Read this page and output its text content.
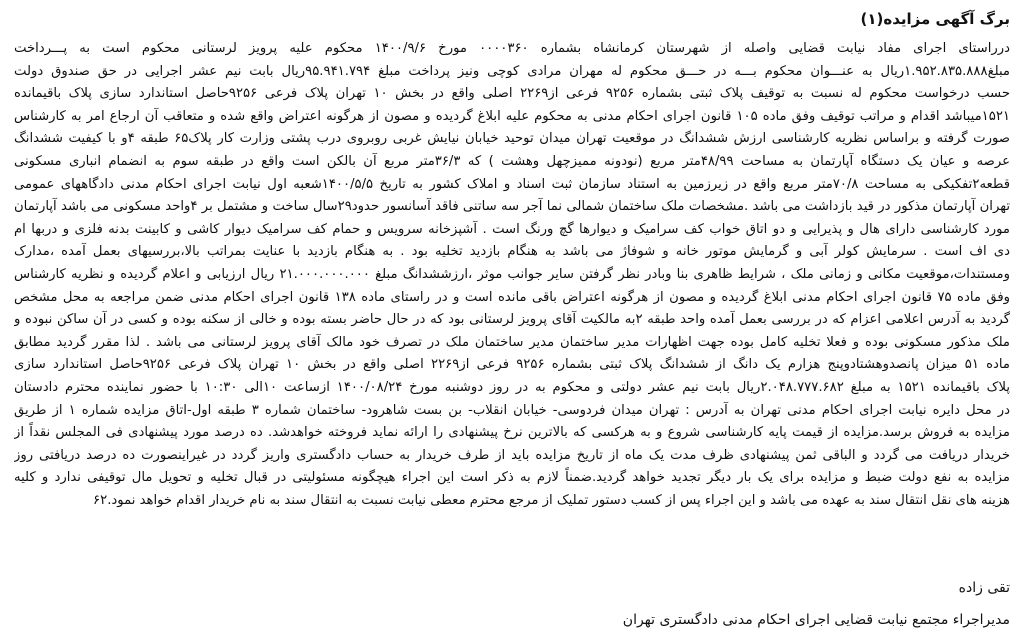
برگ آگهی مزایده(۱)
درراستای اجرای مفاد نیابت قضایی واصله از شهرستان کرمانشاه بشماره ۰۰۰۰۳۶۰ مورخ ۱۴۰۰/۹/۶ محکوم علیه پرویز لرستانی محکوم است به پـــرداخت
مبلغ۱.۹۵۲.۸۳۵.۸۸۸ریال به عنـــوان محکوم بـــه در حـــق محکوم له مهران مرادی کوچی ونیز پرداخت مبلغ ۹۵.۹۴۱.۷۹۴ریال بابت نیم عشر اجرایی در حق صندوق دولت
حسب درخواست محکوم له نسبت به توقیف پلاک ثبتی بشماره ۹۲۵۶ فرعی از۲۲۶۹ اصلی واقع در بخش ۱۰ تهران پلاک فرعی ۹۲۵۶حاصل استاندارد سازی پلاک باقیمانده
۱۵۲۱میباشد اقدام و مراتب توقیف وفق ماده ۱۰۵ قانون اجرای احکام مدنی به محکوم علیه ابلاغ گردیده و مصون از هرگونه اعتراض واقع شده و متعاقب آن ارجاع امر به کارشناس
صورت گرفته و براساس نظریه کارشناسی ارزش ششدانگ در موقعیت تهران میدان توحید خیابان نیایش غربی روبروی درب پشتی وزارت کار پلاک۶۵ طبقه ۴و با کیفیت ششدانگ
عرصه و عیان یک دستگاه آپارتمان به مساحت ۴۸/۹۹متر مربع (نودونه ممیزچهل وهشت ) که ۳۶/۳متر مربع آن بالکن است واقع در طبقه سوم به انضمام انباری مسکونی
قطعه۲تفکیکی به مساحت ۷۰/۸متر مربع واقع در زیرزمین به استناد سازمان ثبت اسناد و املاک کشور به تاریخ ۱۴۰۰/۵/۵شعبه اول نیابت اجرای احکام مدنی دادگاههای عمومی
تهران آپارتمان مذکور در قید بازداشت می باشد .مشخصات ملک ساختمان شمالی نما آجر سه ساتنی فاقد آسانسور حدود۲۹سال ساخت و مشتمل بر ۴واحد مسکونی می باشد آپارتمان
مورد کارشناسی دارای هال و پذیرایی و دو اتاق خواب کف سرامیک و دیوارها گچ ورنگ است . آشپزخانه سرویس و حمام کف سرامیک دیوار کاشی و کابینت بدنه فلزی و دربها ام
دی اف است . سرمایش کولر آبی و گرمایش موتور خانه و شوفاژ می باشد به هنگام بازدید تخلیه بود . به هنگام بازدید با عنایت بمراتب بالا،بررسیهای بعمل آمده ،مدارک
ومستندات،موقعیت مکانی و زمانی ملک ، شرایط ظاهری بنا وبادر نظر گرفتن سایر جوانب موثر ،ارزششدانگ مبلغ ۲۱.۰۰۰.۰۰۰.۰۰۰ ریال ارزیابی و اعلام گردیده و نظریه کارشناس
وفق ماده ۷۵ قانون اجرای احکام مدنی ابلاغ گردیده و مصون از هرگونه اعتراض باقی مانده است و در راستای ماده ۱۳۸ قانون اجرای احکام مدنی ضمن مراجعه به محل مشخص
گردید به آدرس اعلامی اعزام که در بررسی بعمل آمده واحد طبقه ۲به مالکیت آقای پرویز لرستانی بود که در حال حاضر بسته بوده و خالی از سکنه بوده و کسی در آن ساکن نبوده و
ملک مذکور مسکونی بوده و فعلا تخلیه کامل بوده جهت اظهارات مدیر ساختمان مدیر ساختمان ملک در تصرف خود مالک آقای پرویز لرستانی می باشد . لذا مقرر گردید مطابق
ماده ۵۱ میزان پانصدوهشتادوپنج هزارم یک دانگ از ششدانگ پلاک ثبتی بشماره ۹۲۵۶ فرعی از۲۲۶۹ اصلی واقع در بخش ۱۰ تهران پلاک فرعی ۹۲۵۶حاصل استاندارد سازی
پلاک باقیمانده ۱۵۲۱ به مبلغ ۲.۰۴۸.۷۷۷.۶۸۲ریال بابت نیم عشر دولتی و محکوم به در روز دوشنبه مورخ ۱۴۰۰/۰۸/۲۴ ازساعت ۱۰الی ۱۰:۳۰ با حضور نماینده محترم دادستان
در محل دایره نیابت اجرای احکام مدنی تهران به آدرس : تهران میدان فردوسی- خیابان انقلاب- بن بست شاهرود- ساختمان شماره ۳ طبقه اول-اتاق مزایده شماره ۱ از طریق
مزایده به فروش برسد.مزایده از قیمت پایه کارشناسی شروع و به هرکسی که بالاترین نرخ پیشنهادی را ارائه نماید فروخته خواهدشد. ده درصد مورد پیشنهادی فی المجلس نقداً از
خریدار دریافت می گردد و الباقی ثمن پیشنهادی ظرف مدت یک ماه از تاریخ مزایده باید از طرف خریدار به حساب دادگستری واریز گردد در غیراینصورت ده درصد دریافتی روز
مزایده به نفع دولت ضبط و مزایده برای یک بار دیگر تجدید خواهد گردید.ضمناً لازم به ذکر است این اجراء هیچگونه مسئولیتی در قبال تخلیه و تحویل مال توقیفی ندارد و کلیه
هزینه های نقل انتقال سند به عهده می باشد و این اجراء پس از کسب دستور تملیک از مرجع محترم معطی نیابت نسبت به انتقال سند به نام خریدار اقدام خواهد نمود.۶۲
تقی زاده
مدیراجراء مجتمع نیابت قضایی اجرای احکام مدنی دادگستری تهران
